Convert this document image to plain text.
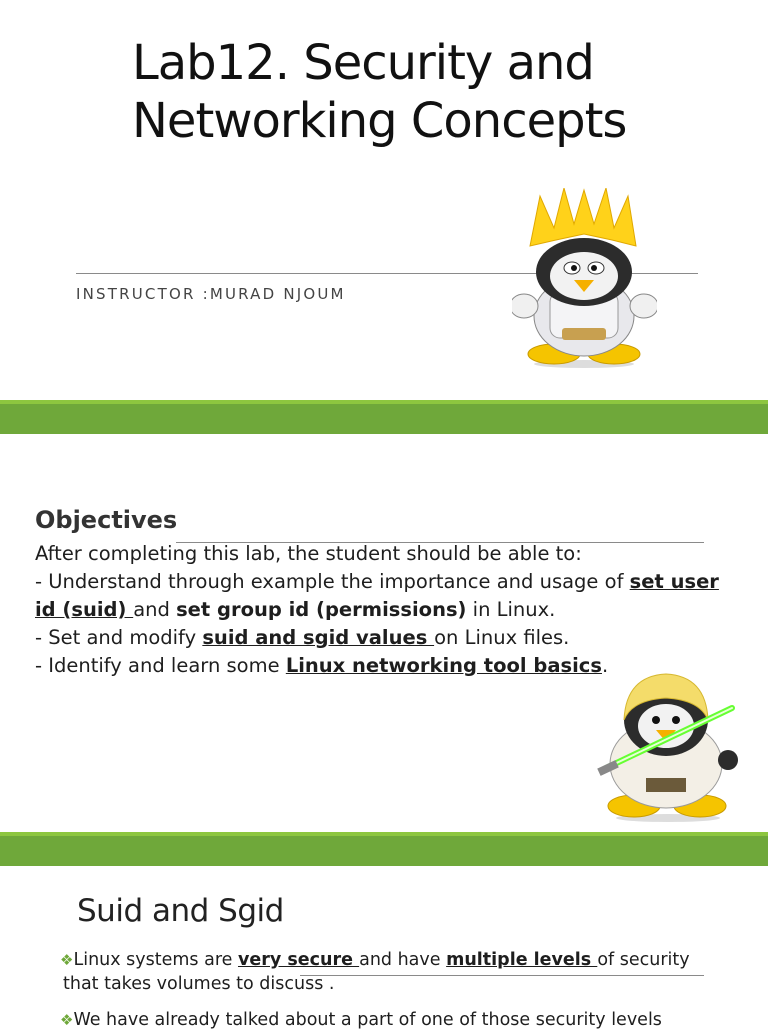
Lab12. Security and
Networking Concepts
INSTRUCTOR :MURAD NJOUM
Objectives
After completing this lab, the student should be able to:
- Understand through example the importance and usage of set user
id (suid) and set group id (permissions) in Linux.
- Set and modify suid and sgid values on Linux files.
- Identify and learn some Linux networking tool basics.
Suid and Sgid
❖Linux systems are very secure and have multiple levels of security
that takes volumes to discuss .
❖We have already talked about a part of one of those security levels
